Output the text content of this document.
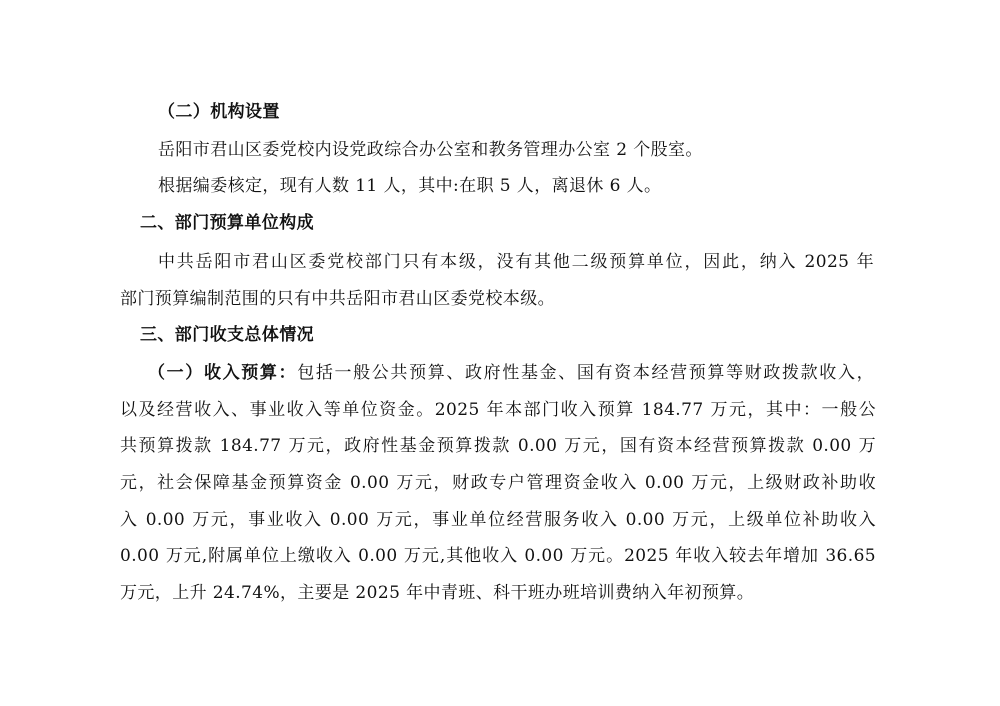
（二）机构设置
岳阳市君山区委党校内设党政综合办公室和教务管理办公室 2 个股室。
根据编委核定，现有人数 11 人，其中:在职 5 人，离退休 6 人。
二、部门预算单位构成
中共岳阳市君山区委党校部门只有本级，没有其他二级预算单位，因此，纳入 2025 年
部门预算编制范围的只有中共岳阳市君山区委党校本级。
三、部门收支总体情况
（一）收入预算：包括一般公共预算、政府性基金、国有资本经营预算等财政拨款收入，
以及经营收入、事业收入等单位资金。2025 年本部门收入预算 184.77 万元，其中：一般公
共预算拨款 184.77 万元，政府性基金预算拨款 0.00 万元，国有资本经营预算拨款 0.00 万
元，社会保障基金预算资金 0.00 万元，财政专户管理资金收入 0.00 万元，上级财政补助收
入 0.00 万元，事业收入 0.00 万元，事业单位经营服务收入 0.00 万元，上级单位补助收入
0.00 万元,附属单位上缴收入 0.00 万元,其他收入 0.00 万元。2025 年收入较去年增加 36.65
万元，上升 24.74%，主要是 2025 年中青班、科干班办班培训费纳入年初预算。
